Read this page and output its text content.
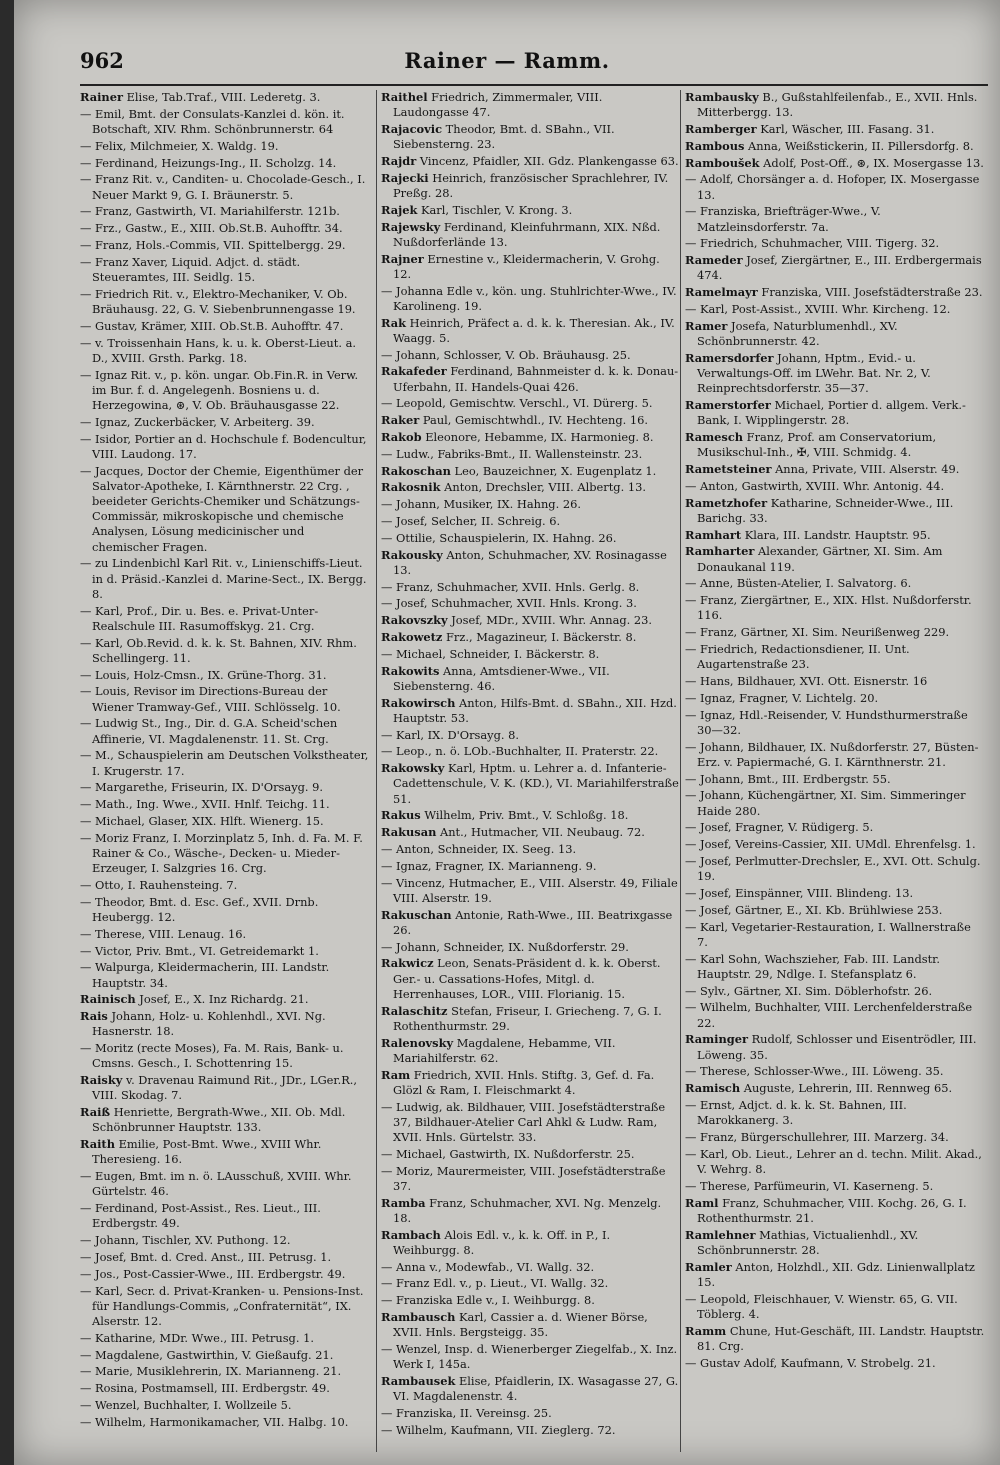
962	Rainer — Ramm.
Rainer Elise, Tab.Traf., VIII. Lederetg. 3.
— Emil, Bmt. der Consulats-Kanzlei d. kön. it. Botschaft, XIV. Rhm. Schönbrunnerstr. 64
— Felix, Milchmeier, X. Waldg. 19.
— Ferdinand, Heizungs-Ing., II. Scholzg. 14.
— Franz Rit. v., Canditen- u. Chocolade-Gesch., I. Neuer Markt 9, G. I. Bräunerstr. 5.
— Franz, Gastwirth, VI. Mariahilferstr. 121b.
— Frz., Gastw., E., XIII. Ob.St.B. Auhofftr. 34.
— Franz, Hols.-Commis, VII. Spittelbergg. 29.
— Franz Xaver, Liquid. Adjct. d. städt. Steueramtes, III. Seidlg. 15.
— Friedrich Rit. v., Elektro-Mechaniker, V. Ob. Bräuhausg. 22, G. V. Siebenbrunnengasse 19.
— Gustav, Krämer, XIII. Ob.St.B. Auhofftr. 47.
— v. Troissenhain Hans, k. u. k. Oberst-Lieut. a. D., XVIII. Grsth. Parkg. 18.
— Ignaz Rit. v., p. kön. ungar. Ob.Fin.R. in Verw. im Bur. f. d. Angelegenh. Bosniens u. d. Herzegowina, ⊛, V. Ob. Bräuhausgasse 22.
— Ignaz, Zuckerbäcker, V. Arbeiterg. 39.
— Isidor, Portier an d. Hochschule f. Bodencultur, VIII. Laudong. 17.
— Jacques, Doctor der Chemie, Eigenthümer der Salvator-Apotheke, I. Kärnthnerstr. 22 Crg. , beeideter Gerichts-Chemiker und Schätzungs-Commissär, mikroskopische und chemische Analysen, Lösung medicinischer und chemischer Fragen.
— zu Lindenbichl Karl Rit. v., Linienschiffs-Lieut. in d. Präsid.-Kanzlei d. Marine-Sect., IX. Bergg. 8.
— Karl, Prof., Dir. u. Bes. e. Privat-Unter-Realschule III. Rasumoffskyg. 21. Crg.
— Karl, Ob.Revid. d. k. k. St. Bahnen, XIV. Rhm. Schellingerg. 11.
— Louis, Holz-Cmsn., IX. Grüne-Thorg. 31.
— Louis, Revisor im Directions-Bureau der Wiener Tramway-Gef., VIII. Schlösselg. 10.
— Ludwig St., Ing., Dir. d. G.A. Scheid'schen Affinerie, VI. Magdalenenstr. 11. St. Crg.
— M., Schauspielerin am Deutschen Volkstheater, I. Krugerstr. 17.
— Margarethe, Friseurin, IX. D'Orsayg. 9.
— Math., Ing. Wwe., XVII. Hnlf. Teichg. 11.
— Michael, Glaser, XIX. Hlft. Wienerg. 15.
— Moriz Franz, I. Morzinplatz 5, Inh. d. Fa. M. F. Rainer & Co., Wäsche-, Decken- u. Mieder-Erzeuger, I. Salzgries 16. Crg.
— Otto, I. Rauhensteing. 7.
— Theodor, Bmt. d. Esc. Gef., XVII. Drnb. Heubergg. 12.
— Therese, VIII. Lenaug. 16.
— Victor, Priv. Bmt., VI. Getreidemarkt 1.
— Walpurga, Kleidermacherin, III. Landstr. Hauptstr. 34.
Rainisch Josef, E., X. Inz Richardg. 21.
Rais Johann, Holz- u. Kohlenhdl., XVI. Ng. Hasnerstr. 18.
— Moritz (recte Moses), Fa. M. Rais, Bank- u. Cmsns. Gesch., I. Schottenring 15.
Raisky v. Dravenau Raimund Rit., JDr., LGer.R., VIII. Skodag. 7.
Raiß Henriette, Bergrath-Wwe., XII. Ob. Mdl. Schönbrunner Hauptstr. 133.
Raith Emilie, Post-Bmt. Wwe., XVIII Whr. Theresieng. 16.
— Eugen, Bmt. im n. ö. LAusschuß, XVIII. Whr. Gürtelstr. 46.
— Ferdinand, Post-Assist., Res. Lieut., III. Erdbergstr. 49.
— Johann, Tischler, XV. Puthong. 12.
— Josef, Bmt. d. Cred. Anst., III. Petrusg. 1.
— Jos., Post-Cassier-Wwe., III. Erdbergstr. 49.
— Karl, Secr. d. Privat-Kranken- u. Pensions-Inst. für Handlungs-Commis, „Confraternität“, IX. Alserstr. 12.
— Katharine, MDr. Wwe., III. Petrusg. 1.
— Magdalene, Gastwirthin, V. Gießaufg. 21.
— Marie, Musiklehrerin, IX. Marianneng. 21.
— Rosina, Postmamsell, III. Erdbergstr. 49.
— Wenzel, Buchhalter, I. Wollzeile 5.
— Wilhelm, Harmonikamacher, VII. Halbg. 10.
Raithel Friedrich, Zimmermaler, VIII. Laudongasse 47.
Rajacovic Theodor, Bmt. d. SBahn., VII. Siebensterng. 23.
Rajdr Vincenz, Pfaidler, XII. Gdz. Plankengasse 63.
Rajecki Heinrich, französischer Sprachlehrer, IV. Preßg. 28.
Rajek Karl, Tischler, V. Krong. 3.
Rajewsky Ferdinand, Kleinfuhrmann, XIX. Nßd. Nußdorferlände 13.
Rajner Ernestine v., Kleidermacherin, V. Grohg. 12.
— Johanna Edle v., kön. ung. Stuhlrichter-Wwe., IV. Karolineng. 19.
Rak Heinrich, Präfect a. d. k. k. Theresian. Ak., IV. Waagg. 5.
— Johann, Schlosser, V. Ob. Bräuhausg. 25.
Rakafeder Ferdinand, Bahnmeister d. k. k. Donau-Uferbahn, II. Handels-Quai 426.
— Leopold, Gemischtw. Verschl., VI. Dürerg. 5.
Raker Paul, Gemischtwhdl., IV. Hechteng. 16.
Rakob Eleonore, Hebamme, IX. Harmonieg. 8.
— Ludw., Fabriks-Bmt., II. Wallensteinstr. 23.
Rakoschan Leo, Bauzeichner, X. Eugenplatz 1.
Rakosnik Anton, Drechsler, VIII. Albertg. 13.
— Johann, Musiker, IX. Hahng. 26.
— Josef, Selcher, II. Schreig. 6.
— Ottilie, Schauspielerin, IX. Hahng. 26.
Rakousky Anton, Schuhmacher, XV. Rosinagasse 13.
— Franz, Schuhmacher, XVII. Hnls. Gerlg. 8.
— Josef, Schuhmacher, XVII. Hnls. Krong. 3.
Rakovszky Josef, MDr., XVIII. Whr. Annag. 23.
Rakowetz Frz., Magazineur, I. Bäckerstr. 8.
— Michael, Schneider, I. Bäckerstr. 8.
Rakowits Anna, Amtsdiener-Wwe., VII. Siebensterng. 46.
Rakowirsch Anton, Hilfs-Bmt. d. SBahn., XII. Hzd. Hauptstr. 53.
— Karl, IX. D'Orsayg. 8.
— Leop., n. ö. LOb.-Buchhalter, II. Praterstr. 22.
Rakowsky Karl, Hptm. u. Lehrer a. d. Infanterie-Cadettenschule, V. K. (KD.), VI. Mariahilferstraße 51.
Rakus Wilhelm, Priv. Bmt., V. Schloßg. 18.
Rakusan Ant., Hutmacher, VII. Neubaug. 72.
— Anton, Schneider, IX. Seeg. 13.
— Ignaz, Fragner, IX. Marianneng. 9.
— Vincenz, Hutmacher, E., VIII. Alserstr. 49, Filiale VIII. Alserstr. 19.
Rakuschan Antonie, Rath-Wwe., III. Beatrixgasse 26.
— Johann, Schneider, IX. Nußdorferstr. 29.
Rakwicz Leon, Senats-Präsident d. k. k. Oberst. Ger.- u. Cassations-Hofes, Mitgl. d. Herrenhauses, LOR., VIII. Florianig. 15.
Ralaschitz Stefan, Friseur, I. Griecheng. 7, G. I. Rothenthurmstr. 29.
Ralenovsky Magdalene, Hebamme, VII. Mariahilferstr. 62.
Ram Friedrich, XVII. Hnls. Stiftg. 3, Gef. d. Fa. Glözl & Ram, I. Fleischmarkt 4.
— Ludwig, ak. Bildhauer, VIII. Josefstädterstraße 37, Bildhauer-Atelier Carl Ahkl & Ludw. Ram, XVII. Hnls. Gürtelstr. 33.
— Michael, Gastwirth, IX. Nußdorferstr. 25.
— Moriz, Maurermeister, VIII. Josefstädterstraße 37.
Ramba Franz, Schuhmacher, XVI. Ng. Menzelg. 18.
Rambach Alois Edl. v., k. k. Off. in P., I. Weihburgg. 8.
— Anna v., Modewfab., VI. Wallg. 32.
— Franz Edl. v., p. Lieut., VI. Wallg. 32.
— Franziska Edle v., I. Weihburgg. 8.
Rambausch Karl, Cassier a. d. Wiener Börse, XVII. Hnls. Bergsteigg. 35.
— Wenzel, Insp. d. Wienerberger Ziegelfab., X. Inz. Werk I, 145a.
Rambausek Elise, Pfaidlerin, IX. Wasagasse 27, G. VI. Magdalenenstr. 4.
— Franziska, II. Vereinsg. 25.
— Wilhelm, Kaufmann, VII. Zieglerg. 72.
Rambausky B., Gußstahlfeilenfab., E., XVII. Hnls. Mitterbergg. 13.
Ramberger Karl, Wäscher, III. Fasang. 31.
Rambous Anna, Weißstickerin, II. Pillersdorfg. 8.
Ramboušek Adolf, Post-Off., ⊛, IX. Mosergasse 13.
— Adolf, Chorsänger a. d. Hofoper, IX. Mosergasse 13.
— Franziska, Briefträger-Wwe., V. Matzleinsdorferstr. 7a.
— Friedrich, Schuhmacher, VIII. Tigerg. 32.
Rameder Josef, Ziergärtner, E., III. Erdbergermais 474.
Ramelmayr Franziska, VIII. Josefstädterstraße 23.
— Karl, Post-Assist., XVIII. Whr. Kircheng. 12.
Ramer Josefa, Naturblumenhdl., XV. Schönbrunnerstr. 42.
Ramersdorfer Johann, Hptm., Evid.- u. Verwaltungs-Off. im LWehr. Bat. Nr. 2, V. Reinprechtsdorferstr. 35—37.
Ramerstorfer Michael, Portier d. allgem. Verk.-Bank, I. Wipplingerstr. 28.
Ramesch Franz, Prof. am Conservatorium, Musikschul-Inh., ✠, VIII. Schmidg. 4.
Rametsteiner Anna, Private, VIII. Alserstr. 49.
— Anton, Gastwirth, XVIII. Whr. Antonig. 44.
Rametzhofer Katharine, Schneider-Wwe., III. Barichg. 33.
Ramhart Klara, III. Landstr. Hauptstr. 95.
Ramharter Alexander, Gärtner, XI. Sim. Am Donaukanal 119.
— Anne, Büsten-Atelier, I. Salvatorg. 6.
— Franz, Ziergärtner, E., XIX. Hlst. Nußdorferstr. 116.
— Franz, Gärtner, XI. Sim. Neurißenweg 229.
— Friedrich, Redactionsdiener, II. Unt. Augartenstraße 23.
— Hans, Bildhauer, XVI. Ott. Eisnerstr. 16
— Ignaz, Fragner, V. Lichtelg. 20.
— Ignaz, Hdl.-Reisender, V. Hundsthurmerstraße 30—32.
— Johann, Bildhauer, IX. Nußdorferstr. 27, Büsten-Erz. v. Papiermaché, G. I. Kärnthnerstr. 21.
— Johann, Bmt., III. Erdbergstr. 55.
— Johann, Küchengärtner, XI. Sim. Simmeringer Haide 280.
— Josef, Fragner, V. Rüdigerg. 5.
— Josef, Vereins-Cassier, XII. UMdl. Ehrenfelsg. 1.
— Josef, Perlmutter-Drechsler, E., XVI. Ott. Schulg. 19.
— Josef, Einspänner, VIII. Blindeng. 13.
— Josef, Gärtner, E., XI. Kb. Brühlwiese 253.
— Karl, Vegetarier-Restauration, I. Wallnerstraße 7.
— Karl Sohn, Wachszieher, Fab. III. Landstr. Hauptstr. 29, Ndlge. I. Stefansplatz 6.
— Sylv., Gärtner, XI. Sim. Döblerhofstr. 26.
— Wilhelm, Buchhalter, VIII. Lerchenfelderstraße 22.
Raminger Rudolf, Schlosser und Eisentrödler, III. Löweng. 35.
— Therese, Schlosser-Wwe., III. Löweng. 35.
Ramisch Auguste, Lehrerin, III. Rennweg 65.
— Ernst, Adjct. d. k. k. St. Bahnen, III. Marokkanerg. 3.
— Franz, Bürgerschullehrer, III. Marzerg. 34.
— Karl, Ob. Lieut., Lehrer an d. techn. Milit. Akad., V. Wehrg. 8.
— Therese, Parfümeurin, VI. Kaserneng. 5.
Raml Franz, Schuhmacher, VIII. Kochg. 26, G. I. Rothenthurmstr. 21.
Ramlehner Mathias, Victualienhdl., XV. Schönbrunnerstr. 28.
Ramler Anton, Holzhdl., XII. Gdz. Linienwallplatz 15.
— Leopold, Fleischhauer, V. Wienstr. 65, G. VII. Töblerg. 4.
Ramm Chune, Hut-Geschäft, III. Landstr. Hauptstr. 81. Crg.
— Gustav Adolf, Kaufmann, V. Strobelg. 21.
